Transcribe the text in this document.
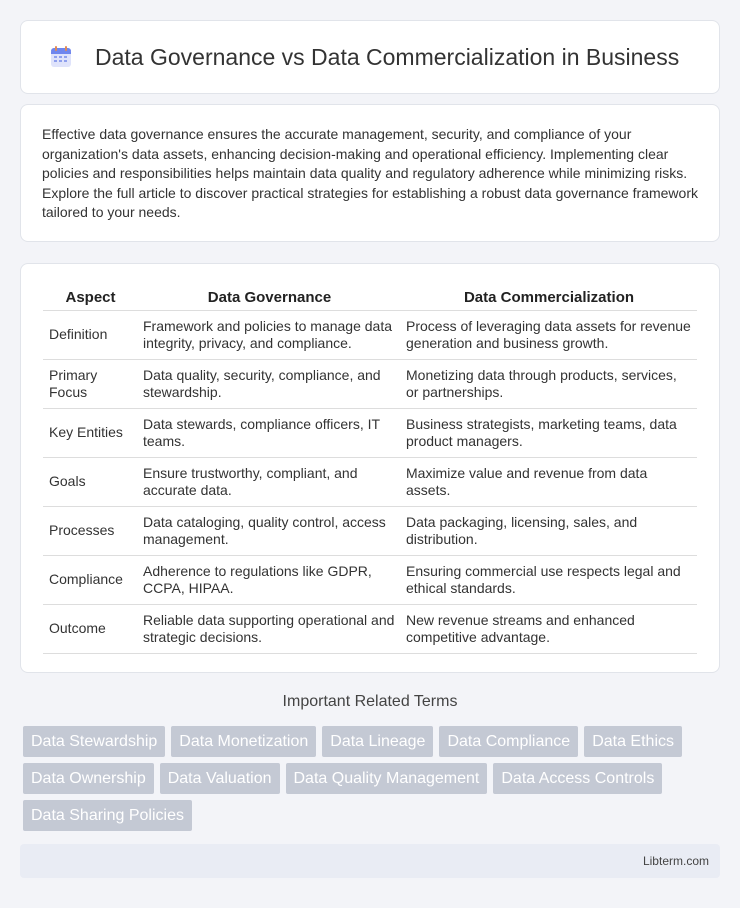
Data Governance vs Data Commercialization in Business

Effective data governance ensures the accurate management, security, and compliance of your organization's data assets, enhancing decision-making and operational efficiency. Implementing clear policies and responsibilities helps maintain data quality and regulatory adherence while minimizing risks. Explore the full article to discover practical strategies for establishing a robust data governance framework tailored to your needs.

Aspect	Data Governance	Data Commercialization
Definition	Framework and policies to manage data integrity, privacy, and compliance.	Process of leveraging data assets for revenue generation and business growth.
Primary Focus	Data quality, security, compliance, and stewardship.	Monetizing data through products, services, or partnerships.
Key Entities	Data stewards, compliance officers, IT teams.	Business strategists, marketing teams, data product managers.
Goals	Ensure trustworthy, compliant, and accurate data.	Maximize value and revenue from data assets.
Processes	Data cataloging, quality control, access management.	Data packaging, licensing, sales, and distribution.
Compliance	Adherence to regulations like GDPR, CCPA, HIPAA.	Ensuring commercial use respects legal and ethical standards.
Outcome	Reliable data supporting operational and strategic decisions.	New revenue streams and enhanced competitive advantage.
Important Related Terms
Data Stewardship	Data Monetization	Data Lineage	Data Compliance	Data Ethics
Data Ownership	Data Valuation	Data Quality Management	Data Access Controls
Data Sharing Policies
Libterm.com
